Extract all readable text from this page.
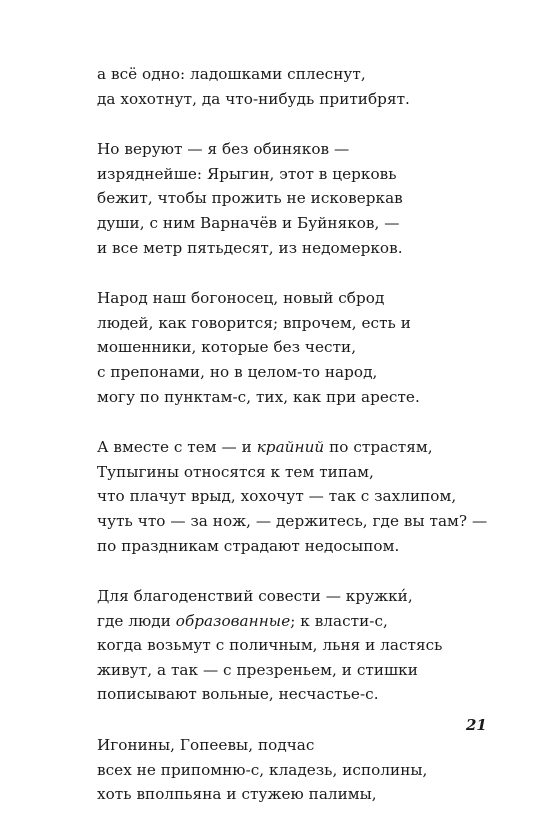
а всё одно: ладошками сплеснут,
да хохотнут, да что-нибудь притибрят.
Но веруют — я без обиняков —
изряднейше: Ярыгин, этот в церковь
бежит, чтобы прожить не исковеркав
души, с ним Варначёв и Буйняков, —
и все метр пятьдесят, из недомерков.
Народ наш богоносец, новый сброд
людей, как говорится; впрочем, есть и
мошенники, которые без чести,
с препонами, но в целом-то народ,
могу по пунктам-с, тих, как при аресте.
А вместе с тем — и крайний по страстям,
Тупыгины относятся к тем типам,
что плачут врыд, хохочут — так с захлипом,
чуть что — за нож, — держитесь, где вы там? —
по праздникам страдают недосыпом.
Для благоденствий совести — кружки́,
где люди образованные; к власти-с,
когда возьмут с поличным, льня и ластясь
живут, а так — с презреньем, и стишки
пописывают вольные, несчастье-с.
Игонины, Гопеевы, подчас
всех не припомню-с, кладезь, исполины,
хоть вполпьяна и стужею палимы,
21
